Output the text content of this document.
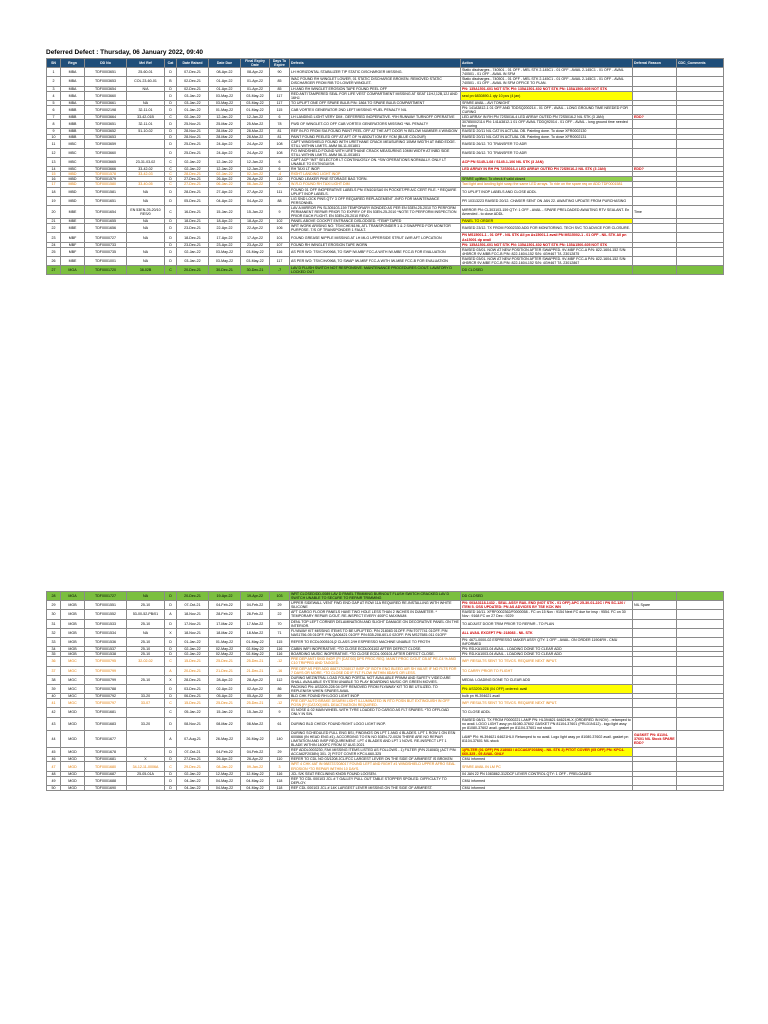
Deferred Defect : Thursday, 06 January 2022, 09:40
SN	Regn	DD No	Mel Ref	Cat	Date Raised	Date Due	Final Expiry Date	Days To Expire	Defects	Action	Deferral Reason	CDC_Comments
1	MBA	TDF0003651	25-60-01	D	07-Dec-21	08-Apr-22	08-Apr-22	90	LH HORIZONTAL STABILIZER TIP STATIC DISCHARGER MISSING.	Static discharges - 740501 - 01 OFF - MEL STK 2-145C1 - 01 OFF - AVAIL 2-145C1 - 01 OFF - AVAIL 740501 - 01 OFF - AVAIL IN SFM		
2	MBA	TDF0003653	COL 23-60-01	B	02-Dec-21	01-Apr-22	01-Apr-22	85	WAC FOUND RH WINGLET LOWER, 01 STATIC DISCHARGE BROKEN. REMOVED STATIC DISCHARGER FROM RIB TO LOWER WINGLET.	Static discharges - 740501 - 01 OFF - MEL STK 2-145C1 - 01 OFF - AVAIL 2-145C1 - 01 OFF - AVAIL 740501 - 01 OFF - AVAIL IN SFM OFFICE TO PLAN.		
3	MBA	TDF0003654	N/A	D	02-Dec-21	01-Apr-22	01-Apr-22	85	LH AND RH WINGLET EROSION TAPE FOUND PEEL OFF	PN: 135A1501-601 NOT STK PN: 135A1501-602 NOT STK PN: 135A1500-605 NOT STK		
4	MBA	TDF0003660		D	03-Jan-22	03-May-22	03-May-22	117	RED ANTI TAMPERED SEAL FOR LIFE VEST COMPARTMENT MISSING AT SEAT 11HJ,12B,12J AND 16HJ.	seal pn 6830890-1 qty 10 pcs (4 jan)		
5	MBA	TDF0003661	NA	D	03-Jan-22	03-May-22	03-May-22	117	TO UPLIFT ONE OFF SPARE BULB P/N: 1864 TO SPARE BULB COMPARTMENT	SPARE AVAIL - AVI TONIGHT		
6	MBB	TDF0002198	32-11-01	D	01-Jan-22	01-May-22	01-May-22	115	CAB VORTEX GENERATOR 2ND LEFT MISSING *FUEL PENALTY NIL	PN: 141A3812-1 01 OFF AND TDDSQ200214 - 01 OFF - AVAIL - LONG GROUND TIME NEEDED FOR CURING		
7	MBB	TDF0003664	33-42-01B	C	02-Jan-22	12-Jan-22	12-Jan-22	6	LH LANDING LIGHT VERY DIM . DEFERRED INOPERATIVE. *RH RUNWAY TURNOFF OPERATIVE	LED ARRAY IN RH PN 72S5016-4 LED ARRAY OUTED PN 72S5016-2 NIL STK (3 JAN)	EDD?	
8	MBB	TDF0003651	32-11-01	D	25-Nov-21	25-Mar-22	25-Mar-22	78	FWD OF WINGLET-CO OFF CAB VORTEX GENERATORS MISSING *NIL PENALTY	3078500/2114 PN: 141A3812-1 01 OFF AVAIL TDDQ92014 - 01 OFF - AVAIL - long ground time needed for curing		
9	MBB	TDF0003652	51-10-02	D	28-Nov-21	28-Mar-22	28-Mar-22	81	REF IN-FO FROM SIA FOUND PAINT PEEL OFF AT THE AFT DOOR % BELOW NUMBER 4 WINDOW	RAISED 20/11 NIL CAT IN ACTUAL OB. Painting done. To close XFR0002130		
10	MBB	TDF0003653		D	28-Nov-21	28-Mar-22	28-Mar-22	81	PAINT FOUND PEELED OFF AT AFT OF % ABOUT IOM BY YCM (BLUE COLOUR)	RAISED 20/11 NIL CAT IN ACTUAL OB. Painting done. To close XFR0002131		
11	MBC	TDF0003659		D	25-Dec-21	24-Apr-22	24-Apr-22	108	CAPT WINDSHIELD FOUND WITH URETHANE CRACK MEASURING 10MM WIDTH AT INBD EDGE. STILL WITHIN LIMITS. AMM 56-11-001801	RAISED 26/12. TO TRANSFER TO ADR		
12	MBC	TDF0003660		D	25-Dec-21	24-Apr-22	24-Apr-22	108	F/O WINDSHIELD FOUND WITH URETHANE CRACK MEASURING 10MM WIDTH AT INBD SIDE STILL WITHIN LIMITS. AMM 56-11-001801	RAISED 26/12. TO TRANSFER TO ADR		
13	MBC	TDF0003665	23-31-03-02	C	02-Jan-22	12-Jan-22	12-Jan-22	6	CAPT ACP "INT" SELECTOR LT CONTINUOSLY ON. *SW OPERATIONS NORMALLY. ONLY LT UNABLE TO EXTINGUISH.	ACP PN S145-1-08 / S145-1-106 NIL STK (3 JAN)		
14	MBC	TDF0003666	33-42-02	C	02-Jan-22	12-Jan-22	12-Jan-22	6	RH TAXI LT INOP.	LED ARRAY IN RH PN 72S5016-4 LED ARRAY OUTED PN 72S5016-2 NIL STK (3 JAN)	EDD?	
15	MBD	TDF0001578	33-42-03	C	28-Dec-21	02-Jan-22	02-Jan-22	-4	RIGHT LANDING LIGHT INOP			
16	MBD	TDF0001579		D	27-Dec-21	26-Apr-22	26-Apr-22	110	FOUND LEAKER PINE STORAGE BAG TORN.	SPARE uplifted. To check if valid closed		
17	MBD	TDF0001580	33-40-05	C	27-Dec-21	06-Jan-22	06-Jan-22	0	W-R-D FOUND RH TAXI LIGHT DIM	Taxi light and landing light swap the same LED arrays. To ride on the spare req on ADD TDF0001581		
18	MBD	TDF0001581	NA	D	28-Dec-21	27-Apr-22	27-Apr-22	111	FOUND 01 OFF INOPERATIVE LABELS PN: EN101ISA0 IN POCKET/PR A/C CERT FILE. * REQUIRE UPLIFT INOP LABELS.	TO UPLIFT INOP LABELS AND CLOSE ADDL		
19	MBD	TDF0001651	NA	D	05-Dec-21	04-Apr-22	04-Apr-22	88	L/G SND LOCK PINS QTY 3 OFF REQUIRED REPLACEMENT -INFO FOR MAINTENANCE PERSONNEL	PR 10313223 RAISED 20/12. CHASER SENT ON JAN 22. AWAITING UPDATE FROM PURCHASING		
20	MBE	TDF0001654	EN 53EN-25-20/10 RES/0	C	16-Dec-21	15-Jan-22	15-Jan-22	9	LAV A MIRROR PN SL305103-159 TEMPORARY BONDED AS PER EN 53EN-25-2010 TO PERFORM PERMANENT REPAIR PRIOR TO EXPIRY OF EN 53EN-25-2010 *NOTE TO PERFORM INSPECTION PRIOR EACH FLIGHT. EN 53EN-25-2010 REV0.	MIRROR PN: CL303103-159 QTY: 1 OFF - AVAIL - SPARE PRELOADED AWAITING RTV SEALANT. En Amended - to close ADDL	Time	
21	MBE	TDF0001655	NA	D	18-Dec-21	18-Apr-22	18-Apr-22	102	PANEL ABOVE COCKPIT ENTRANCE DISLODGED. *TEMP TAPED	PANEL TO ORDER		
22	MBE	TDF0001656	NA	D	23-Dec-21	22-Apr-22	22-Apr-22	106	WRT WORK ARISING NO: TSV/CHE/6196, ATL TRANSPONDER 1 & 2 SWAPPED FOR MONITOR PURPOSE. T/S OF TRANSPONDER 1 FAULT.	RAISED 23/12. TX FROM F0002330 ADD FOR MONITORING. TECH SVC TO ADVICE FOR CLOSURE.		
23	MBF	TDF0000727	NA	D	18-Dec-21	17-Apr-22	17-Apr-22	101	FOUND GREASE NIPPLE MISSING AT LH MLG UPPERSIDE STRUT LWR AFT LOPCATION	PN MS15001-1 - 01 OFF - NIL STK All pn As15001-1 avail PN MS15002-1 - 01 OFF - NIL STK All pn As15001 dp avail		
24	MBF	TDF0000733		D	23-Dec-21	23-Apr-22	23-Apr-22	107	FOUND RH WINGLET EROSION TAPE WORN	PN: 135A1501-601 NOT STK PN: 135A1501-602 NOT STK PN: 135A1500-605 NOT STK		
25	MBF	TDF0000735	NA	D	02-Jan-22	03-May-22	03-May-22	116	AS PER WO: TSVC/H/0968, TO SWP IW-MBF FCC-A WITH IW-MBE FCC-B FOR EVALUATION	RAISED 03/01. NOW AT NEW POSITION AFTER SWAPPED. 9V-MBF FCC-A P/N: 822-1604-152 S/N: 4H5RCR 9V-MBB FCC-B P/N: 822-1604-152 S/N: 4GH467 T/L 23012875		
26	MBE	TDF0001001	NA	D	03-Jan-22	03-May-22	03-May-22	117	AS PER WO: TSVC/H/0968, TO SWAP IW-MBF FCC-A WITH IW-MBE FCC-B FOR EVALUATION	RAISED 03/01. NOW AT NEW POSITION AFTER SWAPPED. 9V-MBF FCC-A P/N: 822-1604-152 S/N: 4H5RCR 9V-MBE FCC-B P/N: 822-1604-152 S/N: 4GH467 T/L 23012867		
27	MGA	TDF0001720	38-02B	C	20-Dec-21	30-Dec-21	30-Dec-21	-7	LAV D FLUSH SWITCH NOT RESPONSIVE. MAINTENANCE PROCEDURES C/OUT. LAVATORY D LOCKED OUT	DD CLOSED		
28	MGA	TDF0001727	NA	D	20-Dec-21	19-Apr-22	19-Apr-22	103	WRT CLOSED/DD-0089 LAV D PANEL TRIMMING BURNOUT FLUSH SWITCH CRACKED LAV D SWITCH UNABLE TO SECURE TO REPAIR TRIMMING	DD CLOSED		
29	MGB	TDF0001551	25-10	D	07-Oct-21	04-Feb-22	04-Feb-22	29	UPPER SIDEWALL VENT FWD END GAP AT ROW 11A REQUIRED RE-INSTALLING WITH WHITE SILICONE	PN: 003A3118-1432 - SEAL ASSY RAIL END (NOT STK - 01 OFF) APC 25-30-01-22C / PN SC-120 / ITEM 5. OSS UPDATED: PN AS ADVICES BY TSE KCK WN	NIL Spare	
30	MGB	TDF0001552	53-00-52-PB/01	A	18-Nov-21	28-Feb-22	28-Feb-22	22	AFT CARGO FLOOR PANELS HAVE TWO HOLE LESS THAN 2 INCHES IN DIAMETER. * TEMPORARY REPAIR C/OUT. RE-INSPECT EVERY 400FC MAXIMUM.	RAISED 16/11. XFRF0002362/F0000058 - FC on 15 Nov : 9154 Next FC due for insp : 9554. FC on 30 Nov : 9168 FC on 27 Dec : 9229		
31	MGB	TDF0001533	25-10	D	17-Nov-21	17-Mar-22	17-Mar-22	70	DENL TOP LEFT CORNER DELAMINATION AND SLIGHT DAMAGE ON DECORATIVE PANEL ON THE INTERIOR.	TO ADJUST DOOR TRIM PRIOR TO REPAIR - TO PLAN		
32	MGB	TDF0001534	NA	X	18-Nov-21	18-Mar-22	18-Mar-22	71	FLYAWAY KIT MISSING ITEMS TO BE UPLIFTED. P/N 218083 01OFF. P/N:T077741 01OFF. P/N NAS1756-05 01OFF. P/N QA06421 01OFF P/N:535-208-601-0 02OFF. P/N MS27585-011 01OFF	ALL AVAIL EXCEPT PN: 218083 - NIL STK		
33	MGB	TDF0001536	25-10	D	01-Jan-22	01-May-22	01-May-22	115	REFER TO ECDL0005101(2 CLASS 2/IH ESPRESSO MACHINE UNABLE TO FROTH	PN: 4671-0000-02 ESPRESSO MAKER ASSY QTY: 1 OFF - AVAIL. ON ORDER 11904R9 - CMU INFORMED		
34	MGB	TDF0001537	25-10	D	02-Jan-22	02-May-22	02-May-22	116	CABIN WIFI INOPERATIVE. *TO CLOSE ECDL001102 AFTER DEFECT CLOSE.	PN: RD-KA1003-04 AVAIL - LOADING DONE TO CLEAR ADD		
35	MGB	TDF0001538	25-10	D	02-Jan-22	02-May-22	02-May-22	116	BOARDING MUSIC INOPERATIVE. *TO CLOSE ECDL 000101 AFTER DEFECT CLOSE.	PN: RD-KA1003-04 AVAIL - LOADING DONE TO CLEAR ADD		
36	MGC	TDF0000795	32-02-02	C	15-Dec-21	25-Dec-21	25-Dec-21	-12	PRE DEP ANTI SKID INOP. [P/ [CAT/00] DPS PROC REQ. MAINT PROC C/OUT CB AT PE-C4 % AND C10 TRIPPED AND TAGGED.	WIP. RESULTS SENT TO TSVCS. REQUIRE NEXT INPUT.		
37	MGC	TDF0000799		A	20-Dec-21	21-Dec-21	21-Dec-21	-16	PRE DEP AS PER ADD 888717/208017 INSP OF BOTH ENG BLEED AIR SH VALVE IF NO FLTS FOR 7 DAYS OR MORE. *TO CLOSE DD IF FLT FLOW WITHIN 8DAYS OR LESS.	TO CARRY PRIOR TO FLIGHT		
38	MGC	TDF0000799	25-10	X	28-Dec-21	28-Apr-22	28-Apr-22	112	DURING MEZINTRAL LOAD FOUND PORTAL NOT AVAILABLE PRIMM AND SAFETY VIDEO ARE SHALL AVAILABLE SYSTEM UNABLE TO PLAY BOARDING MUSIC OR GREEN MOVIES.	MEDIA: LOADING DONE TO CLEAR ADD		
39	MGC	TDF0000788		D	03-Dec-21	02-Apr-22	02-Apr-22	86	PACKING PN: AS3209-228 04 OFF REMOVED FROM FLYAWAY KIT TO BE UTILIZED. TO REPLENISH WHEN SPARES AVAIL	PN: AS3209-228 (04 OFF) ordered: avail		
40	MGC	TDF0000792	33-20	D	06-Dec-21	05-Apr-22	05-Apr-22	89	BLD CHK FOUND RH LOGO LIGHT INOP	bulb pn HL394621 avail		
41	MGC	TDF0000797	33-07	C	15-Dec-21	25-Dec-21	25-Dec-21	-12	PRE DEP AUTO BRAKE DISARM LIGHT ILLUMINATED IN RTO POSN BUT EXTINGUISH IN OFF POSN [P/ [CAT/00] MEL DEACTIVATION REQUIRED.	WIP. RESULTS SENT TO TSVCS. REQUIRE NEXT INPUT.		
42	MGD	TDF0001681		C	05-Jan-22	15-Jan-22	15-Jan-22	9	01 NOSE & 02 MAIN WHEEL WITH TYRE LOADED TO CARGO AS FLT SPARES. *TO OFFLOAD ONLY IN SIN.	TO CLOSE ADDL		
43	MGD	TDF0001683	33-20	D	08-Nov-21	08-Mar-22	08-Mar-22	61	DURING BLD CHECK FOUND RIGHT LOGO LIGHT INOP.	RAISED 08/11. TX FROM F0000221 LAMP PN: HL394621 64621HLX (ORDERED IN NOV) - retamped to no avail. LOGO LIGHT assy pn 81080-37602 GASKET PN 81104-37601 (PRLD1N112) - logo light assy pn 81080-37602 avail. gasket pn 81104-37601 not stock		
44	MGD	TDF0001677		A	07-Aug-21	26-May-22	26-May-22	140	DURING SCHEDULED FULL ENG BSI, FINDINGS ON LPT 1 AND 4 BLADES. LPT 1 ROW 1 ON ESN 600866 (IN HEAD ENG #1). ACCORDING TO EN NO 53EN-72-0026 THERE ARE NO REPAIR LIMITATION AND INSP REQUIREMENT. LPT 4 BLADES AND LPT 1 NOVS. RE-INSPECT LPT 1 BLADE WITHIN 1400FC FROM 07 AUG 2021	LAMP PN: HL394621 64621HLX Retamped to no avail. Logo light assy pn 81080-37602 avail. gasket pn 81104-37601 NIL stock	GASKET PN: 81104-37601 NIL Stock SPARE EDD?	
45	MGD	TDF0001678		D	07-Oct-21	04-Feb-22	04-Feb-22	29	REF ADDL0003230, FAK MISSING ITEMS LISTED AS FOLLOWS - 1) FILTER (P/N 218083) (ACT P/N: ACCA62F2038N) 301. 2) PITOT COVER KPC4-660-325	1)FILTER (01 OFF) PN 218083 / ACCA62F2038N) - NIL STK 2) PITOT COVER (05 OFF) PN: KPC4-660-325 - 05 AVAIL ONLY		
46	MGD	TDF0001681	X	D	27-Dec-21	26-Apr-22	26-Apr-22	110	REFER TO CDL NO 03/1208 JCL/FCC LARGEST LEVER ON THE SIDE OF ARMREST IS BROKEN	CMU informed		
47	MGD	TDF0001680	34-12-11-0006A	C	29-Dec-21	08-Jan-22	09-Jan-22	3	WRT 4 CHK 4AT IN 988737/208017 FOUND LEFT AND RIGHT #1 WINDSHIELD UPPER AFRO SEAL EROSION *TO REPAIR WITHIN 10 DAYS.	SPARE AVAIL IN LM PC		
48	MGD	TDF0001687	25-05-01A	D	02-Jan-22	12-May-22	12-May-22	116	JCL S/K SEAT RECLINING KNOB FOUND LOOSEN.	04 JAN 22 PN 1083862-312DCF LEVER CONTROL QTY: 1 OFF - PRELOADED		
49	MGD	TDF0001688		D	04-Jan-22	04-May-22	04-May-22	118	REF TO CDL 000103 JCL # 7 GALLEY PULL OUT TABLE STOPPER SPOILED. DIFFICULTY TO DEPLOY.	CMU informed		
50	MGD	TDF0001690		D	04-Jan-22	04-May-22	04-May-22	118	REF CDL 000103 JCL # 14K LARGEST LEVER MISSING ON THE SIDE OF ARMREST.	CMU informed		
